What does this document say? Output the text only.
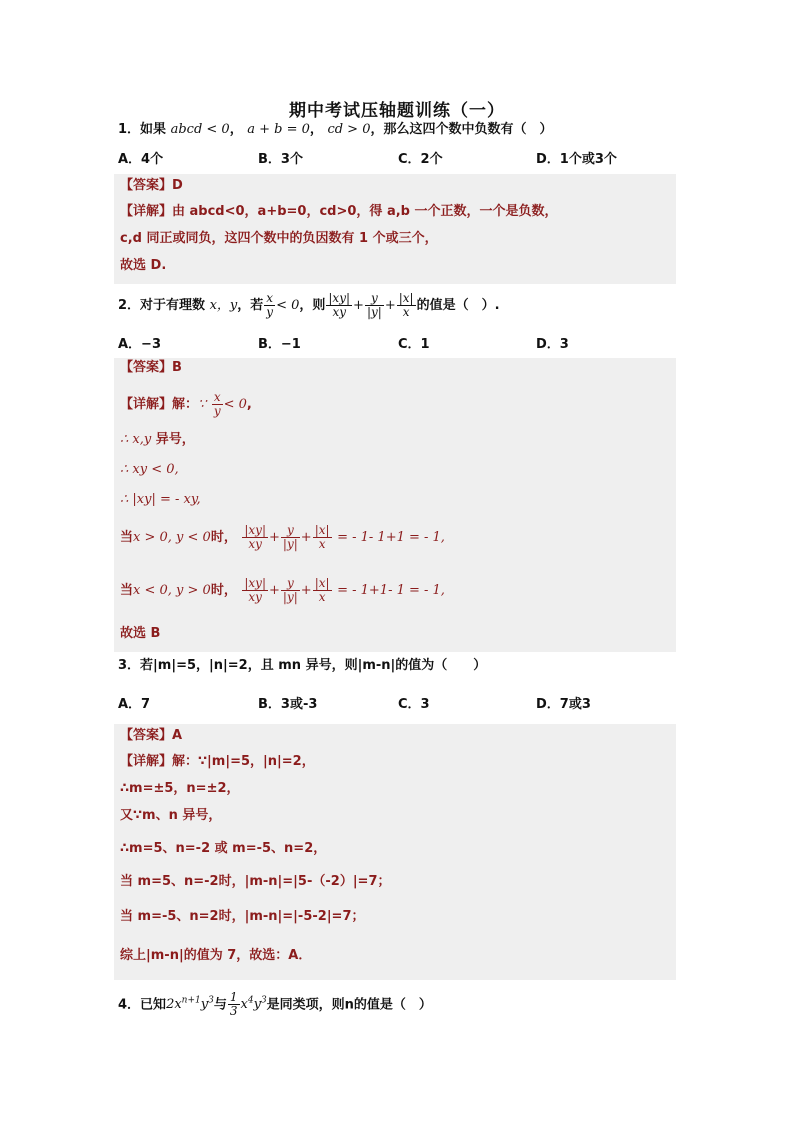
期中考试压轴题训练（一）
1．如果 abcd < 0， a + b = 0， cd > 0，那么这四个数中负数有（　）
A．4个	B．3个	C．2个	D．1个或3个
【答案】D
【详解】由 abcd<0，a+b=0，cd>0，得 a,b 一个正数，一个是负数，
c,d 同正或同负，这四个数中的负因数有 1 个或三个，
故选 D.
2．对于有理数 x，y，若 $\frac{x}{y} < 0$，则 $\frac{|xy|}{xy} + \frac{y}{|y|} + \frac{|x|}{x}$ 的值是（　）.
A．−3	B．−1	C．1	D．3
【答案】B
【详解】解：∵ $\frac{x}{y} < 0$,
∴ x,y 异号，
∴ xy < 0,
∴ |xy| = - xy,
当x > 0, y < 0时， $\frac{|xy|}{xy} + \frac{y}{|y|} + \frac{|x|}{x}$ = - 1- 1+1 = - 1,
当x < 0, y > 0时， $\frac{|xy|}{xy} + \frac{y}{|y|} + \frac{|x|}{x}$ = - 1+1- 1 = - 1,
故选 B
3．若|m|=5，|n|=2，且 mn 异号，则|m-n|的值为（　　）
A．7	B．3或-3	C．3	D．7或3
【答案】A
【详解】解：∵|m|=5，|n|=2，
∴m=±5，n=±2，
又∵m、n 异号，
∴m=5、n=-2 或 m=-5、n=2，
当 m=5、n=-2时，|m-n|=|5-（-2）|=7；
当 m=-5、n=2时，|m-n|=|-5-2|=7；
综上|m-n|的值为 7，故选：A．
4．已知$2x^{n+1}y^3$与 $\frac{1}{3} x^4y^3$是同类项，则n的值是（　）
